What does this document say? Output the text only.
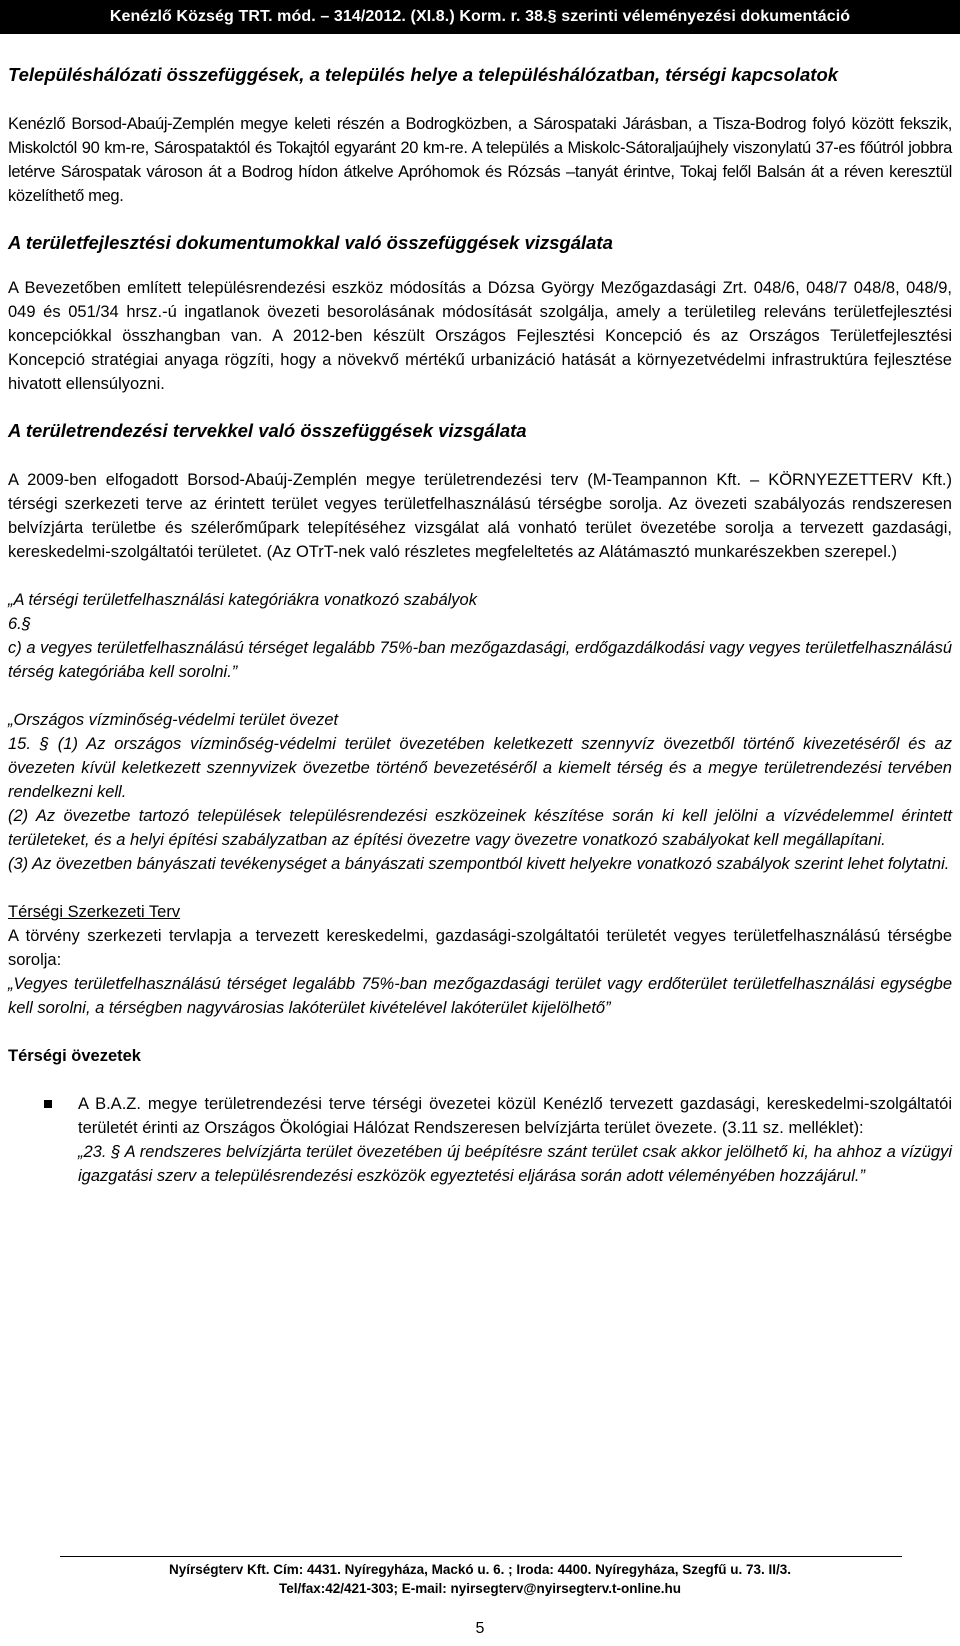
Kenézlő Község TRT. mód. – 314/2012. (XI.8.) Korm. r. 38.§ szerinti véleményezési dokumentáció
Településhálózati összefüggések, a település helye a településhálózatban, térségi kapcsolatok

Kenézlő Borsod-Abaúj-Zemplén megye keleti részén a Bodrogközben, a Sárospataki Járásban, a Tisza-Bodrog folyó között fekszik, Miskolctól 90 km-re, Sárospataktól és Tokajtól egyaránt 20 km-re. A település a Miskolc-Sátoraljaújhely viszonylatú 37-es főútról jobbra letérve Sárospatak városon át a Bodrog hídon átkelve Apróhomok és Rózsás –tanyát érintve, Tokaj felől Balsán át a réven keresztül közelíthető meg.

A területfejlesztési dokumentumokkal való összefüggések vizsgálata

A Bevezetőben említett településrendezési eszköz módosítás a Dózsa György Mezőgazdasági Zrt. 048/6, 048/7 048/8, 048/9, 049 és 051/34 hrsz.-ú ingatlanok övezeti besorolásának módosítását szolgálja, amely a területileg releváns területfejlesztési koncepciókkal összhangban van. A 2012-ben készült Országos Fejlesztési Koncepció és az Országos Területfejlesztési Koncepció stratégiai anyaga rögzíti, hogy a növekvő mértékű urbanizáció hatását a környezetvédelmi infrastruktúra fejlesztése hivatott ellensúlyozni.

A területrendezési tervekkel való összefüggések vizsgálata

A 2009-ben elfogadott Borsod-Abaúj-Zemplén megye területrendezési terv (M-Teampannon Kft. – KÖRNYEZETTERV Kft.) térségi szerkezeti terve az érintett terület vegyes területfelhasználású térségbe sorolja. Az övezeti szabályozás rendszeresen belvízjárta területbe és szélerőműpark telepítéséhez vizsgálat alá vonható terület övezetébe sorolja a tervezett gazdasági, kereskedelmi-szolgáltatói területet. (Az OTrT-nek való részletes megfeleltetés az Alátámasztó munkarészekben szerepel.)

„A térségi területfelhasználási kategóriákra vonatkozó szabályok

6.§

c) a vegyes területfelhasználású térséget legalább 75%-ban mezőgazdasági, erdőgazdálkodási vagy vegyes területfelhasználású térség kategóriába kell sorolni.”

„Országos vízminőség-védelmi terület övezet

15. § (1) Az országos vízminőség-védelmi terület övezetében keletkezett szennyvíz övezetből történő kivezetéséről és az övezeten kívül keletkezett szennyvizek övezetbe történő bevezetéséről a kiemelt térség és a megye területrendezési tervében rendelkezni kell.

(2) Az övezetbe tartozó települések településrendezési eszközeinek készítése során ki kell jelölni a vízvédelemmel érintett területeket, és a helyi építési szabályzatban az építési övezetre vagy övezetre vonatkozó szabályokat kell megállapítani.

(3) Az övezetben bányászati tevékenységet a bányászati szempontból kivett helyekre vonatkozó szabályok szerint lehet folytatni.

Térségi Szerkezeti Terv

A törvény szerkezeti tervlapja a tervezett kereskedelmi, gazdasági-szolgáltatói területét vegyes területfelhasználású térségbe sorolja:

„Vegyes területfelhasználású térséget legalább 75%-ban mezőgazdasági terület vagy erdőterület területfelhasználási egységbe kell sorolni, a térségben nagyvárosias lakóterület kivételével lakóterület kijelölhető”

Térségi övezetek

A B.A.Z. megye területrendezési terve térségi övezetei közül Kenézlő tervezett gazdasági, kereskedelmi-szolgáltatói területét érinti az Országos Ökológiai Hálózat Rendszeresen belvízjárta terület övezete. (3.11 sz. melléklet):

„23. § A rendszeres belvízjárta terület övezetében új beépítésre szánt terület csak akkor jelölhető ki, ha ahhoz a vízügyi igazgatási szerv a településrendezési eszközök egyeztetési eljárása során adott véleményében hozzájárul.”

Nyírségterv Kft. Cím: 4431. Nyíregyháza, Mackó u. 6. ; Iroda: 4400. Nyíregyháza, Szegfű u. 73. II/3.
Tel/fax:42/421-303; E-mail: nyirsegterv@nyirsegterv.t-online.hu
5
